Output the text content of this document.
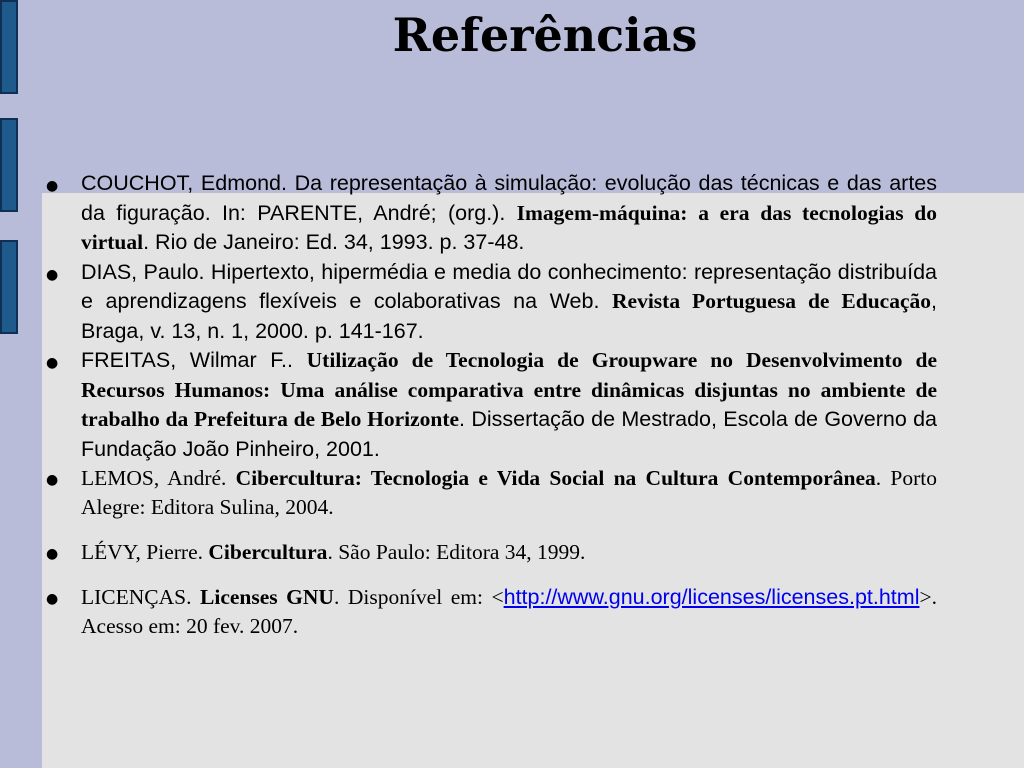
Referências
● COUCHOT, Edmond. Da representação à simulação: evolução das técnicas e das artes da figuração. In: PARENTE, André; (org.). Imagem-máquina: a era das tecnologias do virtual. Rio de Janeiro: Ed. 34, 1993. p. 37-48.
● DIAS, Paulo. Hipertexto, hipermédia e media do conhecimento: representação distribuída e aprendizagens flexíveis e colaborativas na Web. Revista Portuguesa de Educação, Braga, v. 13, n. 1, 2000. p. 141-167.
● FREITAS, Wilmar F.. Utilização de Tecnologia de Groupware no Desenvolvimento de Recursos Humanos: Uma análise comparativa entre dinâmicas disjuntas no ambiente de trabalho da Prefeitura de Belo Horizonte. Dissertação de Mestrado, Escola de Governo da Fundação João Pinheiro, 2001.
● LEMOS, André. Cibercultura: Tecnologia e Vida Social na Cultura Contemporânea. Porto Alegre: Editora Sulina, 2004.
● LÉVY, Pierre. Cibercultura. São Paulo: Editora 34, 1999.
● LICENÇAS. Licenses GNU. Disponível em: <http://www.gnu.org/licenses/licenses.pt.html>. Acesso em: 20 fev. 2007.
